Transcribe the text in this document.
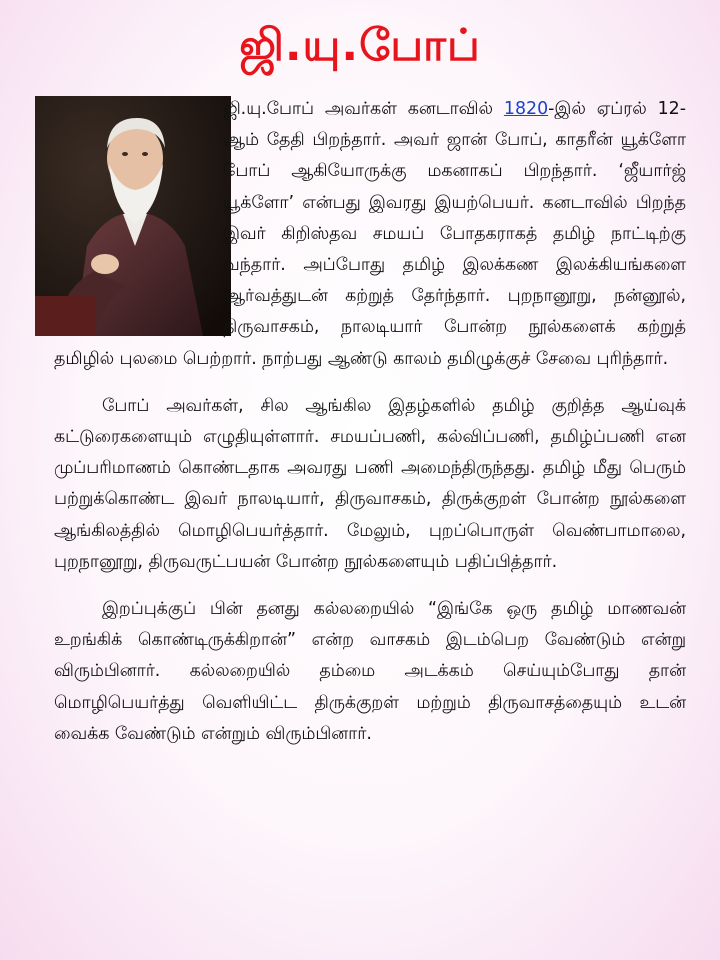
ஜி.யு.போப்

ஜி.யு.போப் அவர்கள் கனடாவில் 1820-இல் ஏப்ரல் 12-ஆம் தேதி பிறந்தார். அவர் ஜான் போப், காதரீன் யூக்ளோ போப் ஆகியோருக்கு மகனாகப் பிறந்தார். ‘ஜீயார்ஜ் யூக்ளோ’ என்பது இவரது இயற்பெயர். கனடாவில் பிறந்த இவர் கிறிஸ்தவ சமயப் போதகராகத் தமிழ் நாட்டிற்கு வந்தார். அப்போது தமிழ் இலக்கண இலக்கியங்களை ஆர்வத்துடன் கற்றுத் தேர்ந்தார். புறநானூறு, நன்னூல், திருவாசகம், நாலடியார் போன்ற நூல்களைக் கற்றுத் தமிழில் புலமை பெற்றார். நாற்பது ஆண்டு காலம் தமிழுக்குச் சேவை புரிந்தார்.

போப் அவர்கள், சில ஆங்கில இதழ்களில் தமிழ் குறித்த ஆய்வுக் கட்டுரைகளையும் எழுதியுள்ளார். சமயப்பணி, கல்விப்பணி, தமிழ்ப்பணி என முப்பரிமாணம் கொண்டதாக அவரது பணி அமைந்திருந்தது. தமிழ் மீது பெரும் பற்றுக்கொண்ட இவர் நாலடியார், திருவாசகம், திருக்குறள் போன்ற நூல்களை ஆங்கிலத்தில் மொழிபெயர்த்தார். மேலும், புறப்பொருள் வெண்பாமாலை, புறநானூறு, திருவருட்பயன் போன்ற நூல்களையும் பதிப்பித்தார்.

இறப்புக்குப் பின் தனது கல்லறையில் “இங்கே ஒரு தமிழ் மாணவன் உறங்கிக் கொண்டிருக்கிறான்” என்ற வாசகம் இடம்பெற வேண்டும் என்று விரும்பினார். கல்லறையில் தம்மை அடக்கம் செய்யும்போது தான் மொழிபெயர்த்து வெளியிட்ட திருக்குறள் மற்றும் திருவாசத்தையும் உடன் வைக்க வேண்டும் என்றும் விரும்பினார்.
